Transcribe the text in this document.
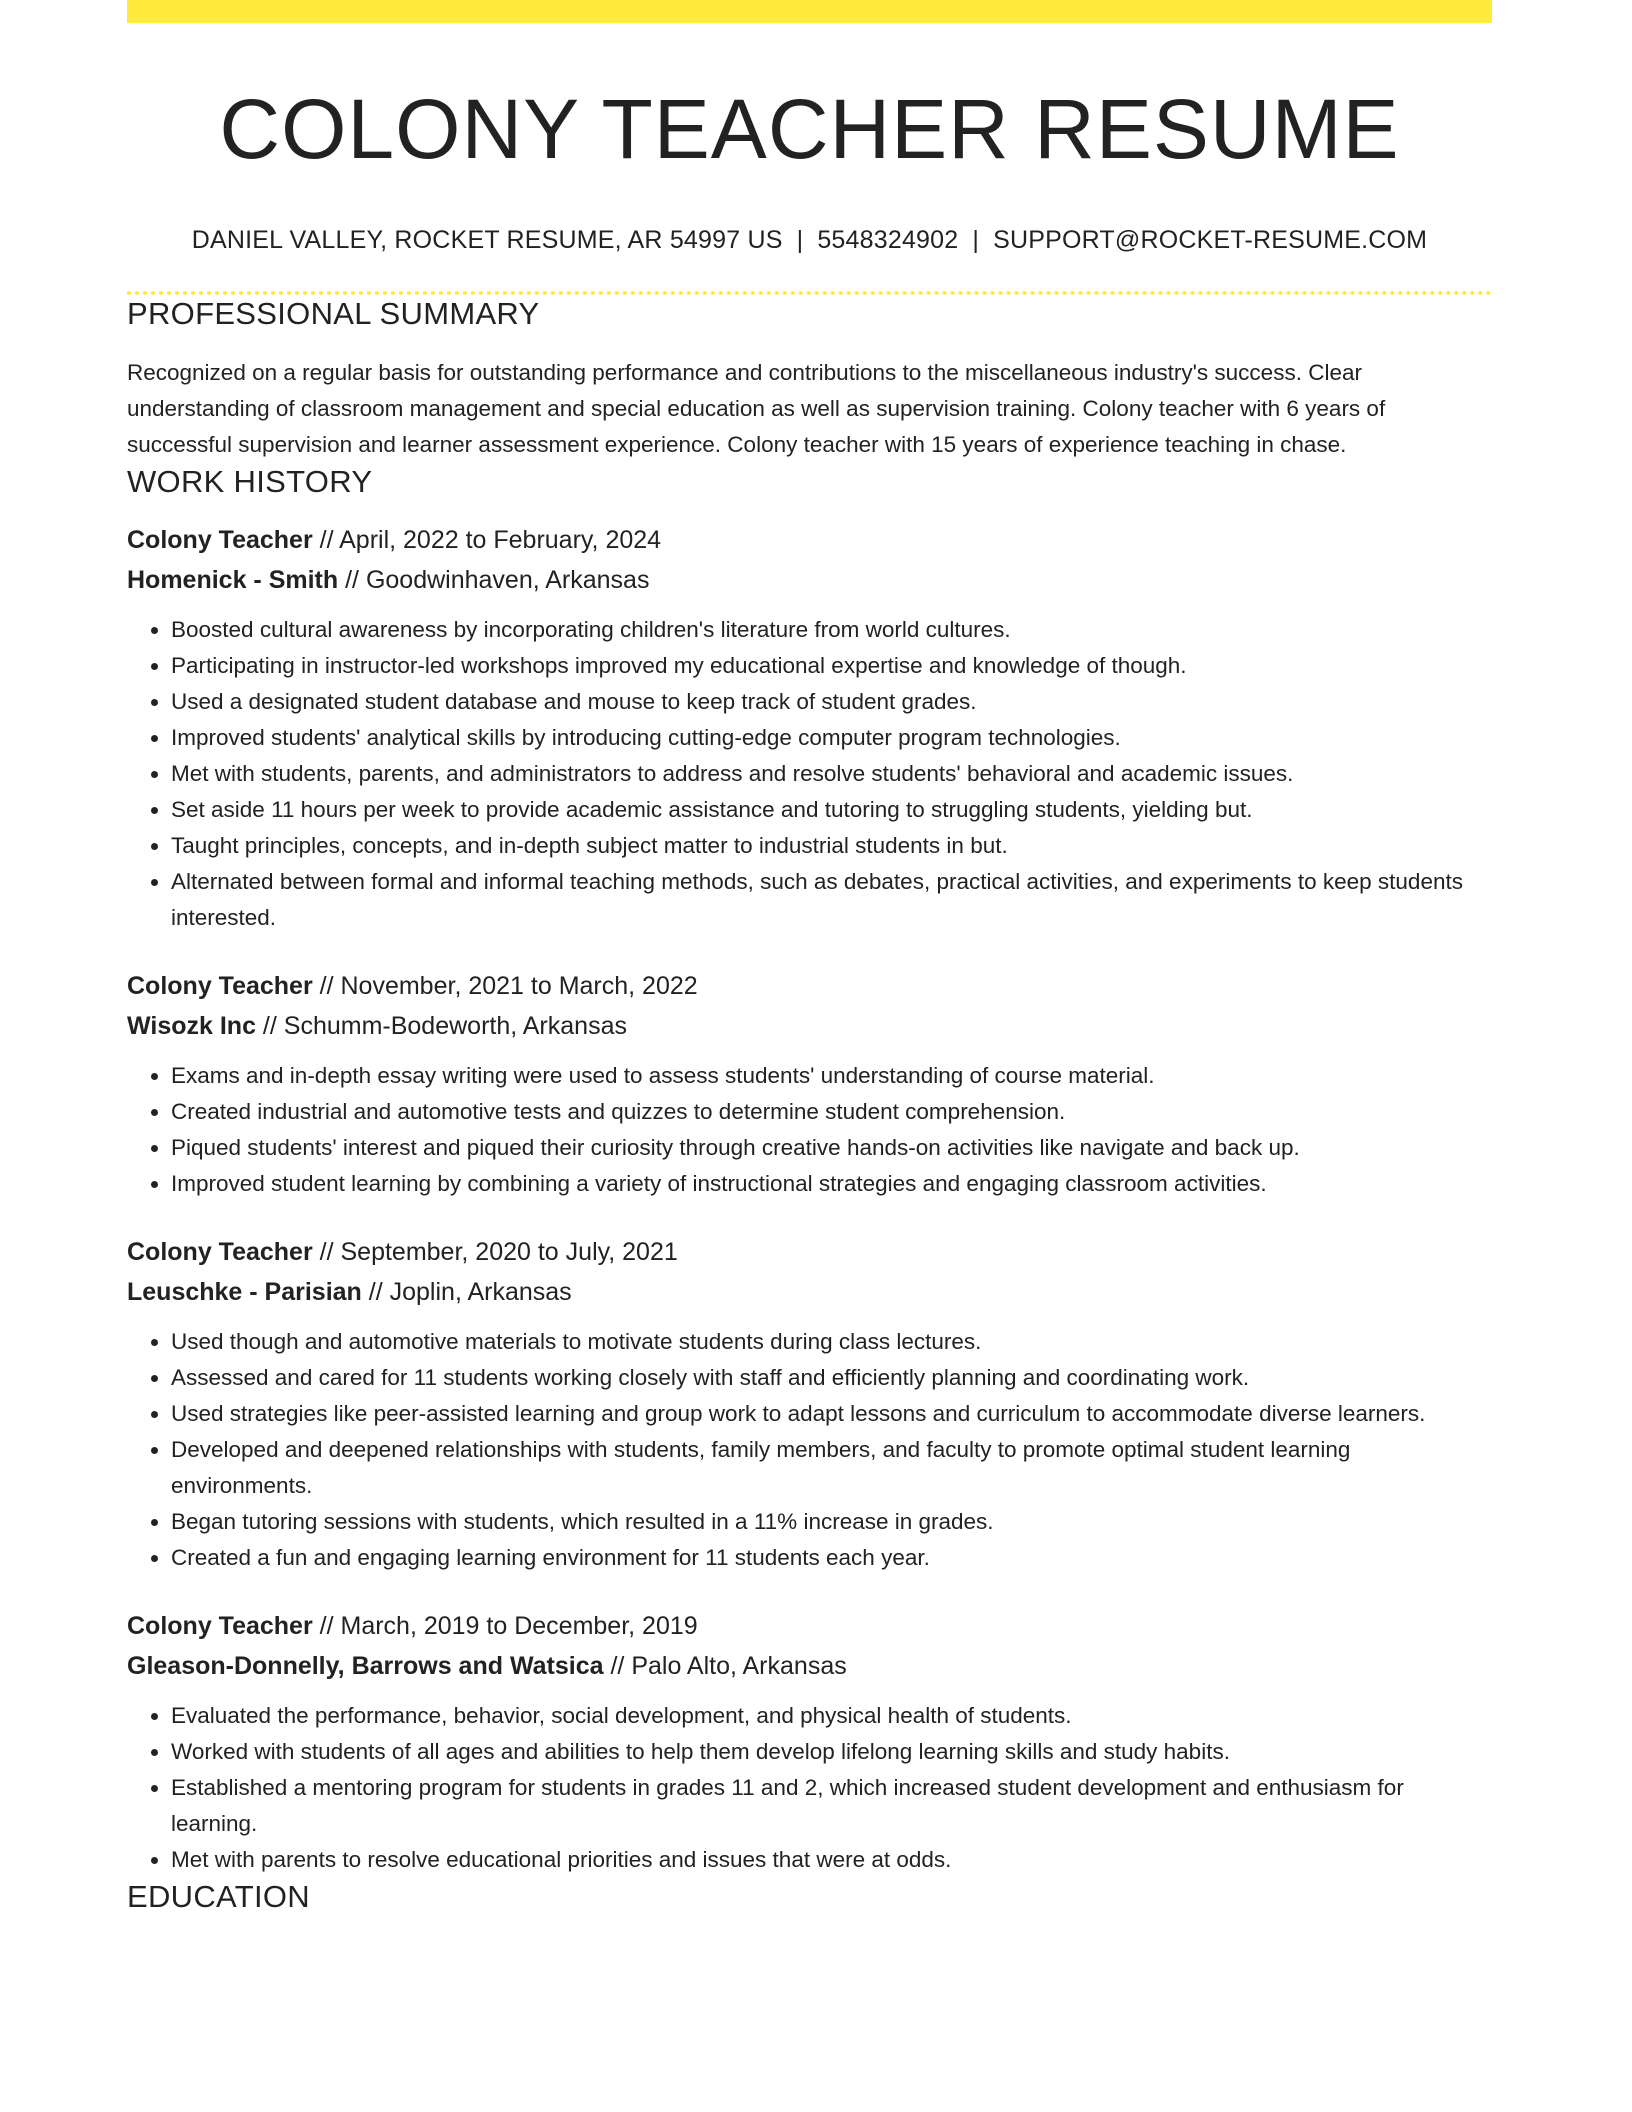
COLONY TEACHER RESUME
DANIEL VALLEY, ROCKET RESUME, AR 54997 US | 5548324902 | SUPPORT@ROCKET-RESUME.COM
PROFESSIONAL SUMMARY
Recognized on a regular basis for outstanding performance and contributions to the miscellaneous industry's success. Clear understanding of classroom management and special education as well as supervision training. Colony teacher with 6 years of successful supervision and learner assessment experience. Colony teacher with 15 years of experience teaching in chase.
WORK HISTORY
Colony Teacher // April, 2022 to February, 2024
Homenick - Smith // Goodwinhaven, Arkansas
• Boosted cultural awareness by incorporating children's literature from world cultures.
• Participating in instructor-led workshops improved my educational expertise and knowledge of though.
• Used a designated student database and mouse to keep track of student grades.
• Improved students' analytical skills by introducing cutting-edge computer program technologies.
• Met with students, parents, and administrators to address and resolve students' behavioral and academic issues.
• Set aside 11 hours per week to provide academic assistance and tutoring to struggling students, yielding but.
• Taught principles, concepts, and in-depth subject matter to industrial students in but.
• Alternated between formal and informal teaching methods, such as debates, practical activities, and experiments to keep students interested.
Colony Teacher // November, 2021 to March, 2022
Wisozk Inc // Schumm-Bodeworth, Arkansas
• Exams and in-depth essay writing were used to assess students' understanding of course material.
• Created industrial and automotive tests and quizzes to determine student comprehension.
• Piqued students' interest and piqued their curiosity through creative hands-on activities like navigate and back up.
• Improved student learning by combining a variety of instructional strategies and engaging classroom activities.
Colony Teacher // September, 2020 to July, 2021
Leuschke - Parisian // Joplin, Arkansas
• Used though and automotive materials to motivate students during class lectures.
• Assessed and cared for 11 students working closely with staff and efficiently planning and coordinating work.
• Used strategies like peer-assisted learning and group work to adapt lessons and curriculum to accommodate diverse learners.
• Developed and deepened relationships with students, family members, and faculty to promote optimal student learning environments.
• Began tutoring sessions with students, which resulted in a 11% increase in grades.
• Created a fun and engaging learning environment for 11 students each year.
Colony Teacher // March, 2019 to December, 2019
Gleason-Donnelly, Barrows and Watsica // Palo Alto, Arkansas
• Evaluated the performance, behavior, social development, and physical health of students.
• Worked with students of all ages and abilities to help them develop lifelong learning skills and study habits.
• Established a mentoring program for students in grades 11 and 2, which increased student development and enthusiasm for learning.
• Met with parents to resolve educational priorities and issues that were at odds.
EDUCATION
